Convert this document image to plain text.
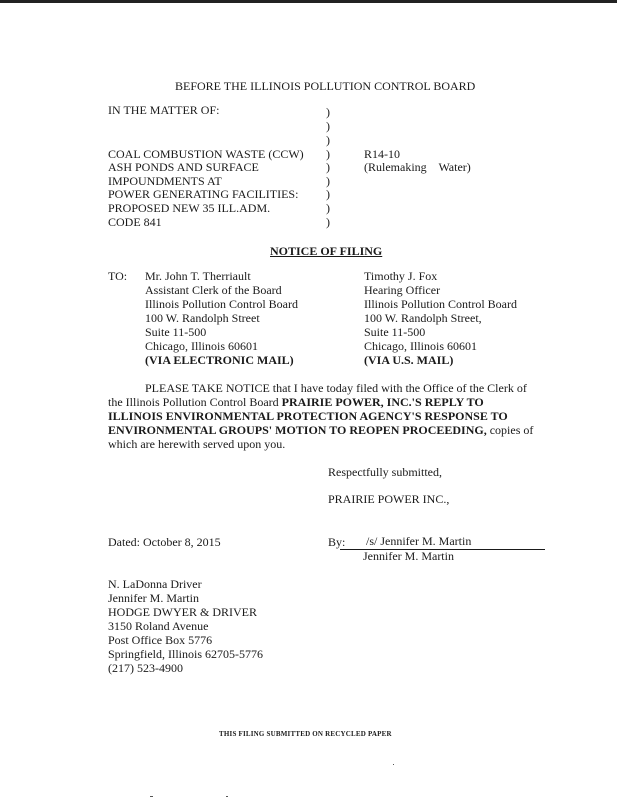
BEFORE THE ILLINOIS POLLUTION CONTROL BOARD
IN THE MATTER OF:
COAL COMBUSTION WASTE (CCW)
ASH PONDS AND SURFACE
IMPOUNDMENTS AT
POWER GENERATING FACILITIES:
PROPOSED NEW 35 ILL.ADM.
CODE 841
)
)
)
)
)
)
)
)
)
R14-10
(Rulemaking    Water)
NOTICE OF FILING
TO: Mr. John T. Therriault
Assistant Clerk of the Board
Illinois Pollution Control Board
100 W. Randolph Street
Suite 11-500
Chicago, Illinois 60601
(VIA ELECTRONIC MAIL)
Timothy J. Fox
Hearing Officer
Illinois Pollution Control Board
100 W. Randolph Street,
Suite 11-500
Chicago, Illinois 60601
(VIA U.S. MAIL)
PLEASE TAKE NOTICE that I have today filed with the Office of the Clerk of
the Illinois Pollution Control Board PRAIRIE POWER, INC.'S REPLY TO
ILLINOIS ENVIRONMENTAL PROTECTION AGENCY'S RESPONSE TO
ENVIRONMENTAL GROUPS' MOTION TO REOPEN PROCEEDING, copies of
which are herewith served upon you.
Respectfully submitted,
PRAIRIE POWER INC.,
Dated: October 8, 2015	By: /s/ Jennifer M. Martin
Jennifer M. Martin
N. LaDonna Driver
Jennifer M. Martin
HODGE DWYER & DRIVER
3150 Roland Avenue
Post Office Box 5776
Springfield, Illinois 62705-5776
(217) 523-4900
THIS FILING SUBMITTED ON RECYCLED PAPER
